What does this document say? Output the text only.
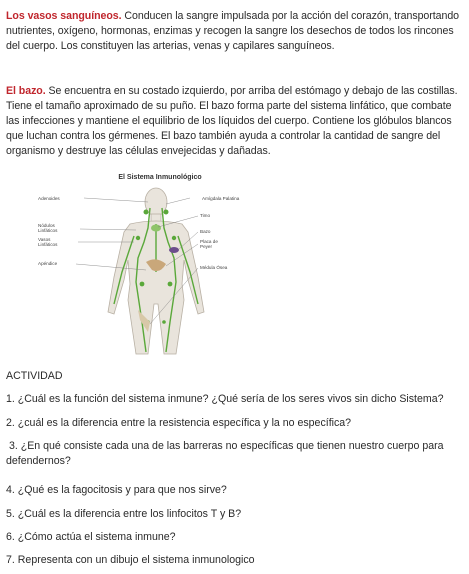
Los vasos sanguíneos. Conducen la sangre impulsada por la acción del corazón, transportando nutrientes, oxígeno, hormonas, enzimas y recogen la sangre los desechos de todos los rincones del cuerpo. Los constituyen las arterias, venas y capilares sanguíneos.

El bazo. Se encuentra en su costado izquierdo, por arriba del estómago y debajo de las costillas. Tiene el tamaño aproximado de su puño. El bazo forma parte del sistema linfático, que combate las infecciones y mantiene el equilibrio de los líquidos del cuerpo. Contiene los glóbulos blancos que luchan contra los gérmenes. El bazo también ayuda a controlar la cantidad de sangre del organismo y destruye las células envejecidas y dañadas.

El Sistema Inmunológico
Adenoides	Amígdala Palatina
Timo
Nódulos
Linfáticos	Bazo
Vasos
Linfáticos
Placa de
Peyer
Apéndice
Médula Ósea
ACTIVIDAD
1. ¿Cuál es la función del sistema inmune? ¿Qué sería de los seres vivos sin dicho Sistema?
2. ¿cuál es la diferencia entre la resistencia específica y la no específica?
3. ¿En qué consiste cada una de las barreras no específicas que tienen nuestro cuerpo para defendernos?
4. ¿Qué es la fagocitosis y para que nos sirve?
5. ¿Cuál es la diferencia entre los linfocitos T y B?
6. ¿Cómo actúa el sistema inmune?
7. Representa con un dibujo el sistema inmunologico
